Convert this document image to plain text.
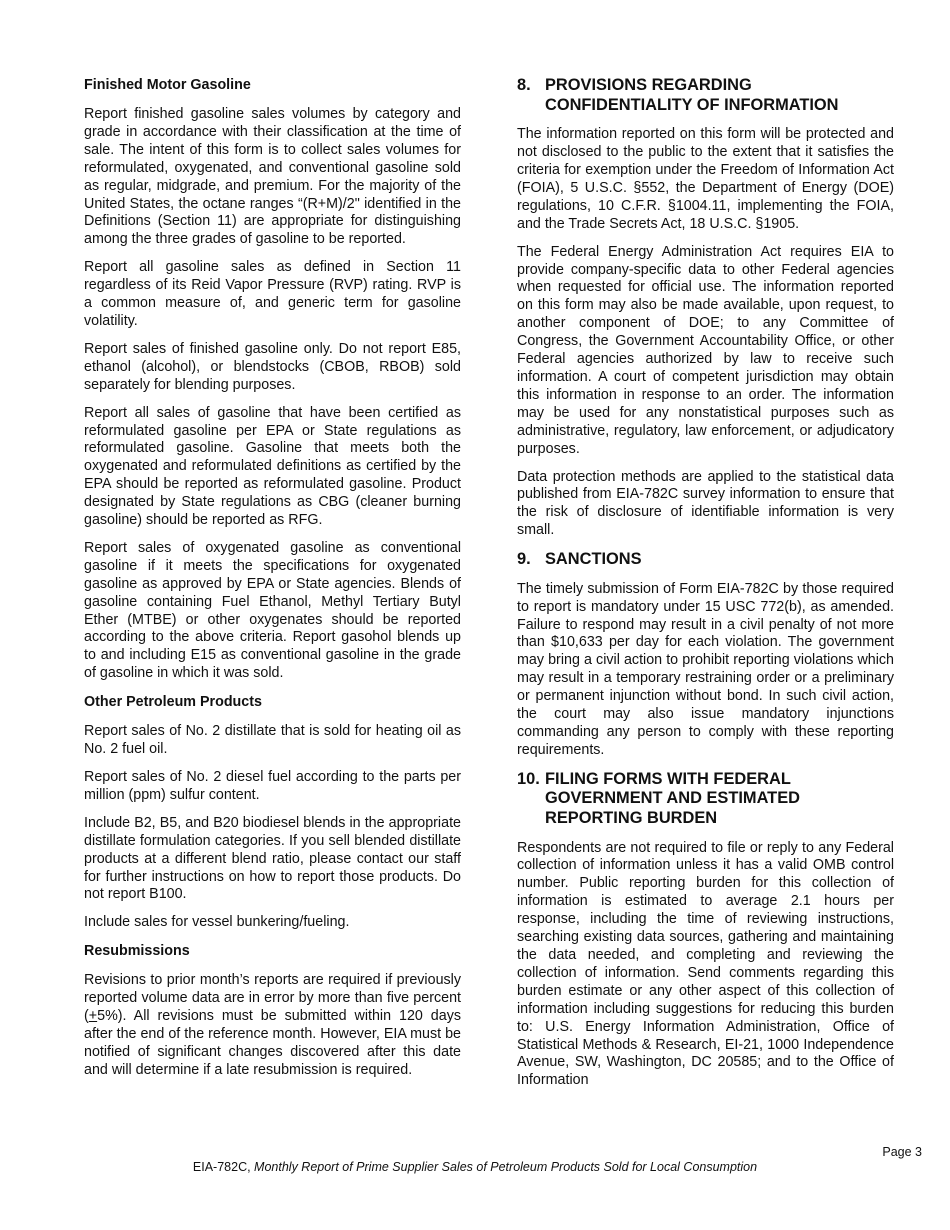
Finished Motor Gasoline

Report finished gasoline sales volumes by category and grade in accordance with their classification at the time of sale. The intent of this form is to collect sales volumes for reformulated, oxygenated, and conventional gasoline sold as regular, midgrade, and premium. For the majority of the United States, the octane ranges “(R+M)/2" identified in the Definitions (Section 11) are appropriate for distinguishing among the three grades of gasoline to be reported.

Report all gasoline sales as defined in Section 11 regardless of its Reid Vapor Pressure (RVP) rating. RVP is a common measure of, and generic term for gasoline volatility.

Report sales of finished gasoline only. Do not report E85, ethanol (alcohol), or blendstocks (CBOB, RBOB) sold separately for blending purposes.

Report all sales of gasoline that have been certified as reformulated gasoline per EPA or State regulations as reformulated gasoline. Gasoline that meets both the oxygenated and reformulated definitions as certified by the EPA should be reported as reformulated gasoline. Product designated by State regulations as CBG (cleaner burning gasoline) should be reported as RFG.

Report sales of oxygenated gasoline as conventional gasoline if it meets the specifications for oxygenated gasoline as approved by EPA or State agencies. Blends of gasoline containing Fuel Ethanol, Methyl Tertiary Butyl Ether (MTBE) or other oxygenates should be reported according to the above criteria. Report gasohol blends up to and including E15 as conventional gasoline in the grade of gasoline in which it was sold.

Other Petroleum Products

Report sales of No. 2 distillate that is sold for heating oil as No. 2 fuel oil.

Report sales of No. 2 diesel fuel according to the parts per million (ppm) sulfur content.

Include B2, B5, and B20 biodiesel blends in the appropriate distillate formulation categories. If you sell blended distillate products at a different blend ratio, please contact our staff for further instructions on how to report those products. Do not report B100.

Include sales for vessel bunkering/fueling.

Resubmissions

Revisions to prior month’s reports are required if previously reported volume data are in error by more than five percent (+5%). All revisions must be submitted within 120 days after the end of the reference month. However, EIA must be notified of significant changes discovered after this date and will determine if a late resubmission is required.

8. PROVISIONS REGARDING CONFIDENTIALITY OF INFORMATION

The information reported on this form will be protected and not disclosed to the public to the extent that it satisfies the criteria for exemption under the Freedom of Information Act (FOIA), 5 U.S.C. §552, the Department of Energy (DOE) regulations, 10 C.F.R. §1004.11, implementing the FOIA, and the Trade Secrets Act, 18 U.S.C. §1905.

The Federal Energy Administration Act requires EIA to provide company-specific data to other Federal agencies when requested for official use. The information reported on this form may also be made available, upon request, to another component of DOE; to any Committee of Congress, the Government Accountability Office, or other Federal agencies authorized by law to receive such information. A court of competent jurisdiction may obtain this information in response to an order. The information may be used for any nonstatistical purposes such as administrative, regulatory, law enforcement, or adjudicatory purposes.

Data protection methods are applied to the statistical data published from EIA-782C survey information to ensure that the risk of disclosure of identifiable information is very small.

9. SANCTIONS

The timely submission of Form EIA-782C by those required to report is mandatory under 15 USC 772(b), as amended. Failure to respond may result in a civil penalty of not more than $10,633 per day for each violation. The government may bring a civil action to prohibit reporting violations which may result in a temporary restraining order or a preliminary or permanent injunction without bond. In such civil action, the court may also issue mandatory injunctions commanding any person to comply with these reporting requirements.

10. FILING FORMS WITH FEDERAL GOVERNMENT AND ESTIMATED REPORTING BURDEN

Respondents are not required to file or reply to any Federal collection of information unless it has a valid OMB control number. Public reporting burden for this collection of information is estimated to average 2.1 hours per response, including the time of reviewing instructions, searching existing data sources, gathering and maintaining the data needed, and completing and reviewing the collection of information. Send comments regarding this burden estimate or any other aspect of this collection of information including suggestions for reducing this burden to: U.S. Energy Information Administration, Office of Statistical Methods & Research, EI-21, 1000 Independence Avenue, SW, Washington, DC 20585; and to the Office of Information

Page 3
EIA-782C, Monthly Report of Prime Supplier Sales of Petroleum Products Sold for Local Consumption
